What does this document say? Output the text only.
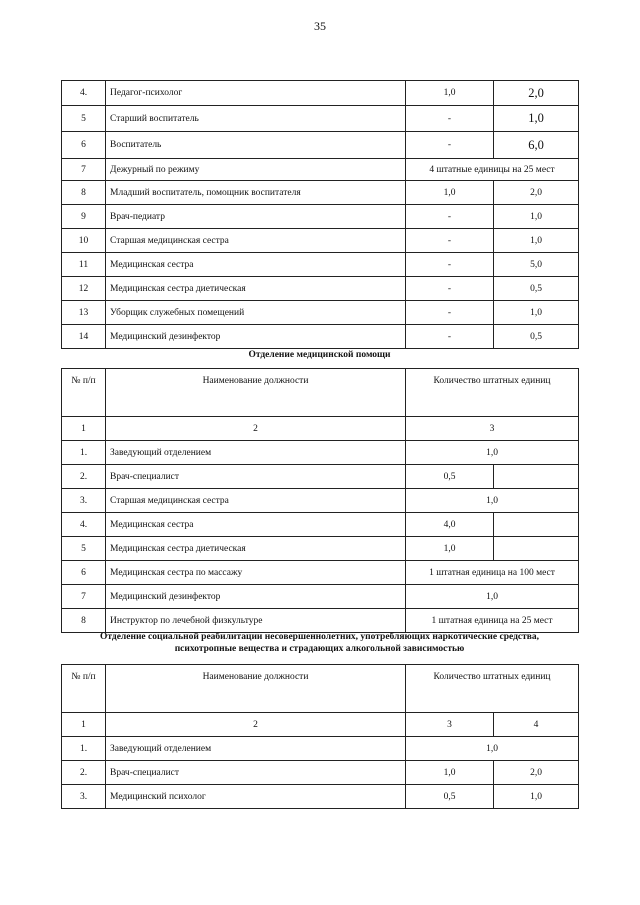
35
4.	Педагог-психолог	1,0	2,0
5	Старший воспитатель	-	1,0
6	Воспитатель	-	6,0
7	Дежурный по режиму	4 штатные единицы на 25 мест	
8	Младший воспитатель, помощник воспитателя	1,0	2,0
9	Врач-педиатр	-	1,0
10	Старшая медицинская сестра	-	1,0
11	Медицинская сестра	-	5,0
12	Медицинская сестра диетическая	-	0,5
13	Уборщик служебных помещений	-	1,0
14	Медицинский дезинфектор	-	0,5
Отделение медицинской помощи
№ п/п	Наименование должности	Количество штатных единиц	
1	2	3	
1.	Заведующий отделением	1,0	
2.	Врач-специалист	0,5	
3.	Старшая медицинская сестра	1,0	
4.	Медицинская сестра	4,0	
5	Медицинская сестра диетическая	1,0	
6	Медицинская сестра по массажу	1 штатная единица на 100 мест	
7	Медицинский дезинфектор	1,0	
8	Инструктор по лечебной физкультуре	1 штатная единица на 25 мест	
Отделение социальной реабилитации несовершеннолетних, употребляющих наркотические средства,
психотропные вещества и страдающих алкогольной зависимостью
№ п/п	Наименование должности	Количество штатных единиц	
1	2	3	4
1.	Заведующий отделением	1,0	
2.	Врач-специалист	1,0	2,0
3.	Медицинский психолог	0,5	1,0
